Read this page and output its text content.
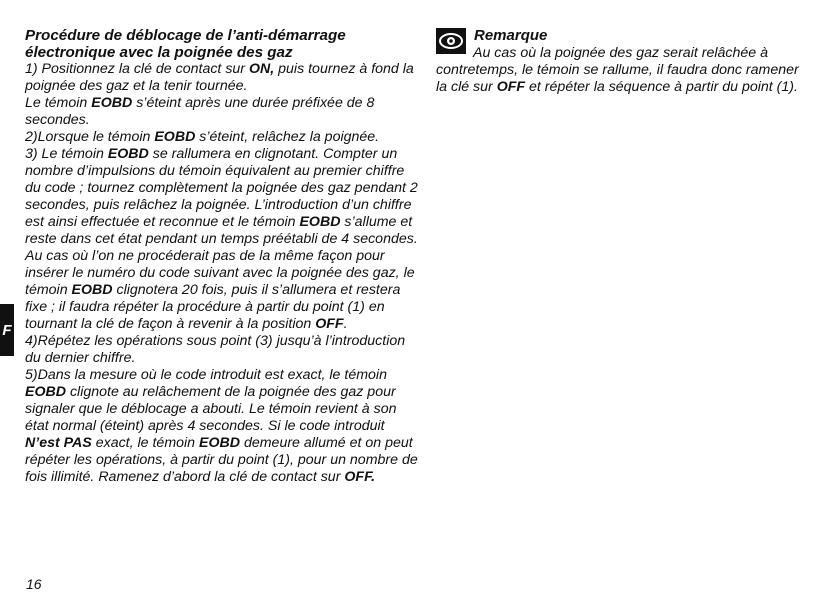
Procédure de déblocage de l’anti-démarrage électronique avec la poignée des gaz

1) Positionnez la clé de contact sur ON, puis tournez à fond la poignée des gaz et la tenir tournée.

Le témoin EOBD s’éteint après une durée préfixée de 8 secondes.

2)Lorsque le témoin EOBD s’éteint, relâchez la poignée.

3) Le témoin EOBD se rallumera en clignotant. Compter un nombre d’impulsions du témoin équivalent au premier chiffre du code ; tournez complètement la poignée des gaz pendant 2 secondes, puis relâchez la poignée. L’introduction d’un chiffre est ainsi effectuée et reconnue et le témoin EOBD s’allume et reste dans cet état pendant un temps préétabli de 4 secondes. Au cas où l’on ne procéderait pas de la même façon pour insérer le numéro du code suivant avec la poignée des gaz, le témoin EOBD clignotera 20 fois, puis il s’allumera et restera fixe ; il faudra répéter la procédure à partir du point (1) en tournant la clé de façon à revenir à la position OFF.

4)Répétez les opérations sous point (3) jusqu’à l’introduction du dernier chiffre.

5)Dans la mesure où le code introduit est exact, le témoin EOBD clignote au relâchement de la poignée des gaz pour signaler que le déblocage a abouti. Le témoin revient à son état normal (éteint) après 4 secondes. Si le code introduit N’est PAS exact, le témoin EOBD demeure allumé et on peut répéter les opérations, à partir du point (1), pour un nombre de fois illimité. Ramenez d’abord la clé de contact sur OFF.

Remarque

Au cas où la poignée des gaz serait relâchée à contretemps, le témoin se rallume, il faudra donc ramener la clé sur OFF et répéter la séquence à partir du point (1).

F
16
